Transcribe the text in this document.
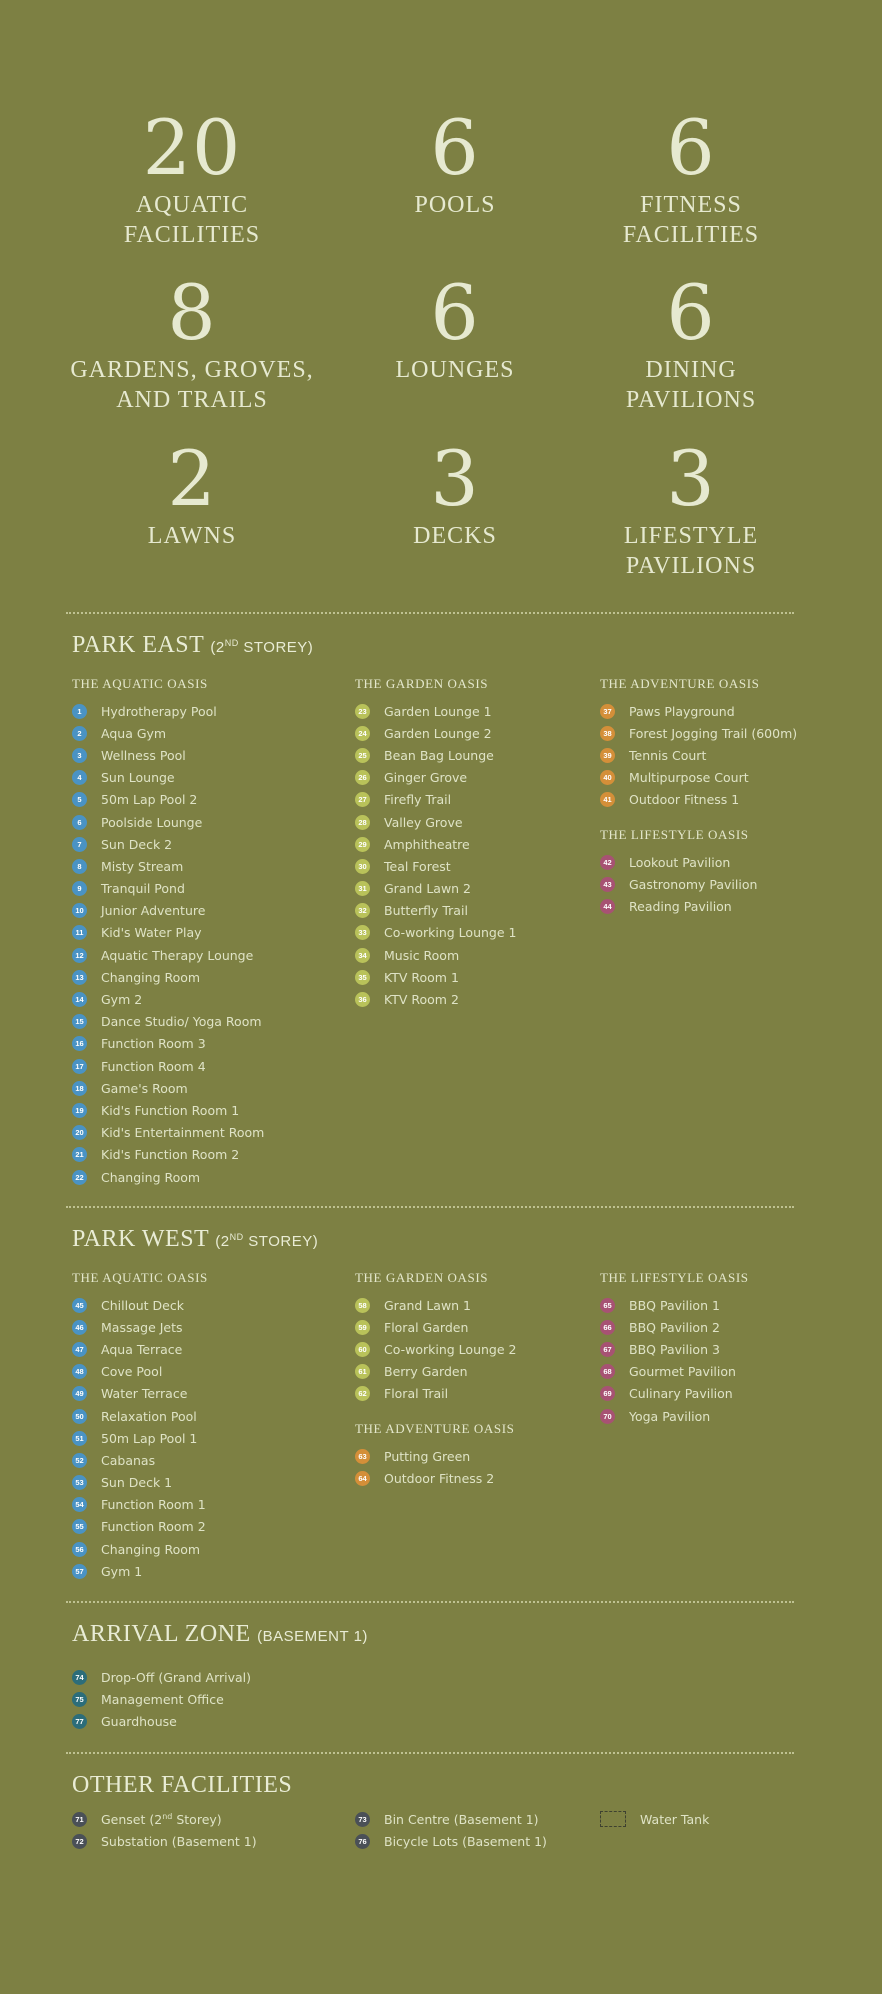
20
AQUATIC
FACILITIES
6
POOLS
6
FITNESS
FACILITIES
8
GARDENS, GROVES,
AND TRAILS
6
LOUNGES
6
DINING
PAVILIONS
2
LAWNS
3
DECKS
3
LIFESTYLE
PAVILIONS
PARK EAST (2ND STOREY)
THE AQUATIC OASIS
1	Hydrotherapy Pool
2	Aqua Gym
3	Wellness Pool
4	Sun Lounge
5	50m Lap Pool 2
6	Poolside Lounge
7	Sun Deck 2
8	Misty Stream
9	Tranquil Pond
10 Junior Adventure
11 Kid's Water Play
12 Aquatic Therapy Lounge
13 Changing Room
14 Gym 2
15 Dance Studio/ Yoga Room
16 Function Room 3
17 Function Room 4
18 Game's Room
19 Kid's Function Room 1
20 Kid's Entertainment Room
21 Kid's Function Room 2
22 Changing Room
THE GARDEN OASIS
23 Garden Lounge 1
24 Garden Lounge 2
25 Bean Bag Lounge
26 Ginger Grove
27 Firefly Trail
28 Valley Grove
29 Amphitheatre
30 Teal Forest
31 Grand Lawn 2
32 Butterfly Trail
33 Co-working Lounge 1
34 Music Room
35 KTV Room 1
36 KTV Room 2
THE ADVENTURE OASIS
37 Paws Playground
38 Forest Jogging Trail (600m)
39 Tennis Court
40 Multipurpose Court
41 Outdoor Fitness 1
THE LIFESTYLE OASIS
42 Lookout Pavilion
43 Gastronomy Pavilion
44 Reading Pavilion
PARK WEST (2ND STOREY)
THE AQUATIC OASIS
45 Chillout Deck
46 Massage Jets
47 Aqua Terrace
48 Cove Pool
49 Water Terrace
50 Relaxation Pool
51 50m Lap Pool 1
52 Cabanas
53 Sun Deck 1
54 Function Room 1
55 Function Room 2
56 Changing Room
57 Gym 1
THE GARDEN OASIS
58 Grand Lawn 1
59 Floral Garden
60 Co-working Lounge 2
61 Berry Garden
62 Floral Trail
THE ADVENTURE OASIS
63 Putting Green
64 Outdoor Fitness 2
THE LIFESTYLE OASIS
65 BBQ Pavilion 1
66 BBQ Pavilion 2
67 BBQ Pavilion 3
68 Gourmet Pavilion
69 Culinary Pavilion
70 Yoga Pavilion
ARRIVAL ZONE (BASEMENT 1)
74 Drop-Off (Grand Arrival)
75 Management Office
77 Guardhouse
OTHER FACILITIES
71 Genset (2nd Storey)
72 Substation (Basement 1)
73 Bin Centre (Basement 1)
76 Bicycle Lots (Basement 1)
Water Tank
